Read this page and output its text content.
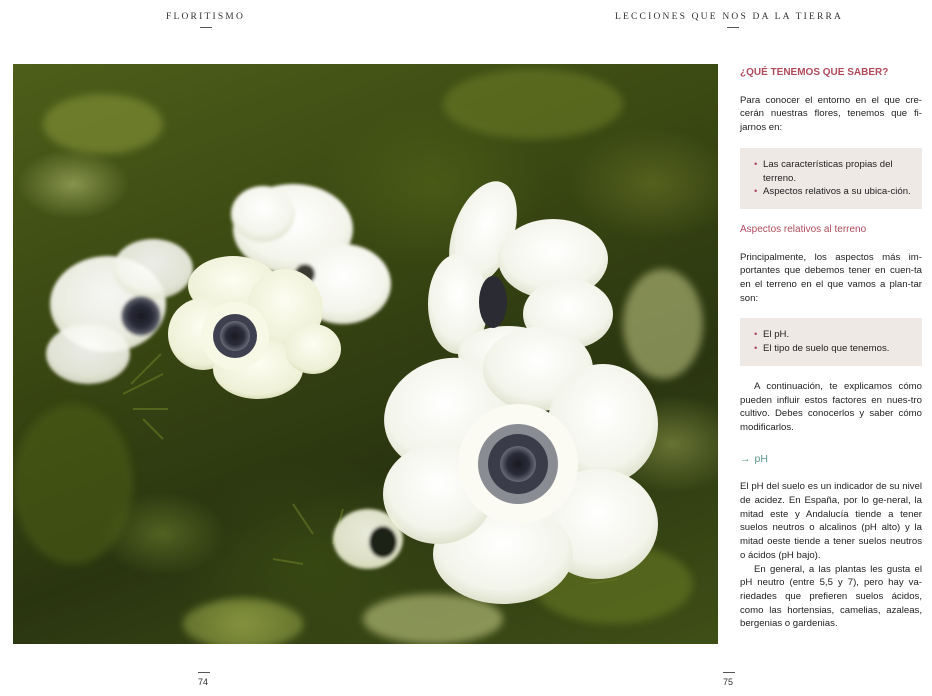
FLORITISMO	LECCIONES QUE NOS DA LA TIERRA
¿QUÉ TENEMOS QUE SABER?

Para conocer el entorno en el que cre-cerán nuestras flores, tenemos que fi-jarnos en:

• Las características propias del terreno.
• Aspectos relativos a su ubica-ción.
Aspectos relativos al terreno

Principalmente, los aspectos más im-portantes que debemos tener en cuen-ta en el terreno en el que vamos a plan-tar son:

• El pH.
• El tipo de suelo que tenemos.

A continuación, te explicamos cómo pueden influir estos factores en nues-tro cultivo. Debes conocerlos y saber cómo modificarlos.

→ pH

El pH del suelo es un indicador de su nivel de acidez. En España, por lo ge-neral, la mitad este y Andalucía tiende a tener suelos neutros o alcalinos (pH alto) y la mitad oeste tiende a tener suelos neutros o ácidos (pH bajo).

En general, a las plantas les gusta el pH neutro (entre 5,5 y 7), pero hay va-riedades que prefieren suelos ácidos, como las hortensias, camelias, azaleas, bergenias o gardenias.

74	75
